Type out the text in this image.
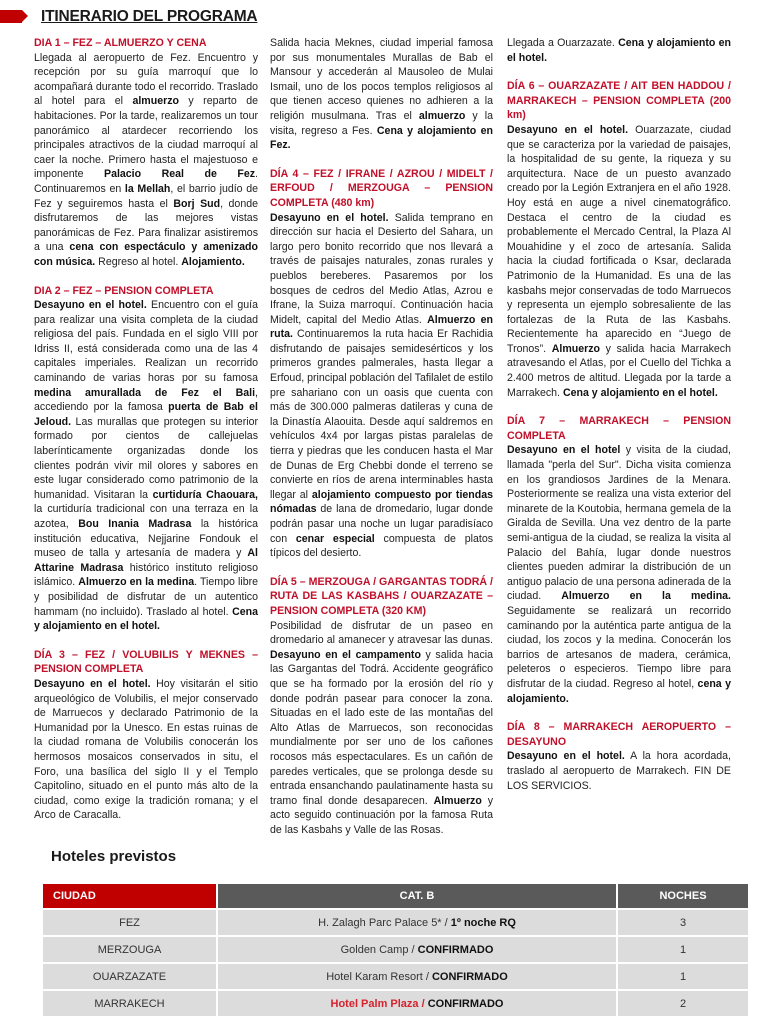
ITINERARIO DEL PROGRAMA
DIA 1 – FEZ – ALMUERZO Y CENA

Llegada al aeropuerto de Fez. Encuentro y recepción por su guía marroquí que lo acompañará durante todo el recorrido. Traslado al hotel para el almuerzo y reparto de habitaciones. Por la tarde, realizaremos un tour panorámico al atardecer recorriendo los principales atractivos de la ciudad marroquí al caer la noche. Primero hasta el majestuoso e imponente Palacio Real de Fez. Continuaremos en la Mellah, el barrio judío de Fez y seguiremos hasta el Borj Sud, donde disfrutaremos de las mejores vistas panorámicas de Fez. Para finalizar asistiremos a una cena con espectáculo y amenizado con música. Regreso al hotel. Alojamiento.

DIA 2 – FEZ – PENSION COMPLETA

Desayuno en el hotel. Encuentro con el guía para realizar una visita completa de la ciudad religiosa del país. Fundada en el siglo VIII por Idriss II, está considerada como una de las 4 capitales imperiales. Realizan un recorrido caminando de varias horas por su famosa medina amurallada de Fez el Bali, accediendo por la famosa puerta de Bab el Jeloud. Las murallas que protegen su interior formado por cientos de callejuelas laberínticamente organizadas donde los clientes podrán vivir mil olores y sabores en este lugar considerado como patrimonio de la humanidad. Visitaran la curtiduría Chaouara, la curtiduría tradicional con una terraza en la azotea, Bou Inania Madrasa la histórica institución educativa, Nejjarine Fondouk el museo de talla y artesanía de madera y Al Attarine Madrasa histórico instituto religioso islámico. Almuerzo en la medina. Tiempo libre y posibilidad de disfrutar de un autentico hammam (no incluido). Traslado al hotel. Cena y alojamiento en el hotel.

DÍA 3 – FEZ / VOLUBILIS Y MEKNES – PENSION COMPLETA

Desayuno en el hotel. Hoy visitarán el sitio arqueológico de Volubilis, el mejor conservado de Marruecos y declarado Patrimonio de la Humanidad por la Unesco. En estas ruinas de la ciudad romana de Volubilis conocerán los hermosos mosaicos conservados in situ, el Foro, una basílica del siglo II y el Templo Capitolino, situado en el punto más alto de la ciudad, como exige la tradición romana; y el Arco de Caracalla.

Salida hacia Meknes, ciudad imperial famosa por sus monumentales Murallas de Bab el Mansour y accederán al Mausoleo de Mulai Ismail, uno de los pocos templos religiosos al que tienen acceso quienes no adhieren a la religión musulmana. Tras el almuerzo y la visita, regreso a Fes. Cena y alojamiento en Fez.

DÍA 4 – FEZ / IFRANE / AZROU / MIDELT / ERFOUD / MERZOUGA – PENSION COMPLETA (480 km)

Desayuno en el hotel. Salida temprano en dirección sur hacia el Desierto del Sahara, un largo pero bonito recorrido que nos llevará a través de paisajes naturales, zonas rurales y pueblos bereberes. Pasaremos por los bosques de cedros del Medio Atlas, Azrou e Ifrane, la Suiza marroquí. Continuación hacia Midelt, capital del Medio Atlas. Almuerzo en ruta. Continuaremos la ruta hacia Er Rachidia disfrutando de paisajes semidesérticos y los primeros grandes palmerales, hasta llegar a Erfoud, principal población del Tafilalet de estilo pre sahariano con un oasis que cuenta con más de 300.000 palmeras datileras y cuna de la Dinastía Alaouita. Desde aquí saldremos en vehículos 4x4 por largas pistas paralelas de tierra y piedras que les conducen hasta el Mar de Dunas de Erg Chebbi donde el terreno se convierte en ríos de arena interminables hasta llegar al alojamiento compuesto por tiendas nómadas de lana de dromedario, lugar donde podrán pasar una noche un lugar paradisíaco con cenar especial compuesta de platos típicos del desierto.

DÍA 5 – MERZOUGA / GARGANTAS TODRÁ / RUTA DE LAS KASBAHS / OUARZAZATE – PENSION COMPLETA (320 KM)

Posibilidad de disfrutar de un paseo en dromedario al amanecer y atravesar las dunas. Desayuno en el campamento y salida hacia las Gargantas del Todrá. Accidente geográfico que se ha formado por la erosión del río y donde podrán pasear para conocer la zona. Situadas en el lado este de las montañas del Alto Atlas de Marruecos, son reconocidas mundialmente por ser uno de los cañones rocosos más espectaculares. Es un cañón de paredes verticales, que se prolonga desde su entrada ensanchando paulatinamente hasta su tramo final donde desaparecen. Almuerzo y acto seguido continuación por la famosa Ruta de las Kasbahs y Valle de las Rosas.

Llegada a Ouarzazate. Cena y alojamiento en el hotel.

DÍA 6 – OUARZAZATE / AIT BEN HADDOU / MARRAKECH – PENSION COMPLETA (200 km)

Desayuno en el hotel. Ouarzazate, ciudad que se caracteriza por la variedad de paisajes, la hospitalidad de su gente, la riqueza y su arquitectura. Nace de un puesto avanzado creado por la Legión Extranjera en el año 1928. Hoy está en auge a nivel cinematográfico. Destaca el centro de la ciudad es probablemente el Mercado Central, la Plaza Al Mouahidine y el zoco de artesanía. Salida hacia la ciudad fortificada o Ksar, declarada Patrimonio de la Humanidad. Es una de las kasbahs mejor conservadas de todo Marruecos y representa un ejemplo sobresaliente de las fortalezas de la Ruta de las Kasbahs. Recientemente ha aparecido en “Juego de Tronos”. Almuerzo y salida hacia Marrakech atravesando el Atlas, por el Cuello del Tichka a 2.400 metros de altitud. Llegada por la tarde a Marrakech. Cena y alojamiento en el hotel.

DÍA 7 – MARRAKECH – PENSION COMPLETA

Desayuno en el hotel y visita de la ciudad, llamada "perla del Sur". Dicha visita comienza en los grandiosos Jardines de la Menara. Posteriormente se realiza una vista exterior del minarete de la Koutobia, hermana gemela de la Giralda de Sevilla. Una vez dentro de la parte semi-antigua de la ciudad, se realiza la visita al Palacio del Bahía, lugar donde nuestros clientes pueden admirar la distribución de un antiguo palacio de una persona adinerada de la ciudad. Almuerzo en la medina. Seguidamente se realizará un recorrido caminando por la auténtica parte antigua de la ciudad, los zocos y la medina. Conocerán los barrios de artesanos de madera, cerámica, peleteros o especieros. Tiempo libre para disfrutar de la ciudad. Regreso al hotel, cena y alojamiento.

DÍA 8 – MARRAKECH AEROPUERTO – DESAYUNO

Desayuno en el hotel. A la hora acordada, traslado al aeropuerto de Marrakech. FIN DE LOS SERVICIOS.

Hoteles previstos
CIUDAD	CAT. B	NOCHES
FEZ	H. Zalagh Parc Palace 5* / 1º noche RQ	3
MERZOUGA	Golden Camp / CONFIRMADO	1
OUARZAZATE	Hotel Karam Resort / CONFIRMADO	1
MARRAKECH	Hotel Palm Plaza / CONFIRMADO	2
